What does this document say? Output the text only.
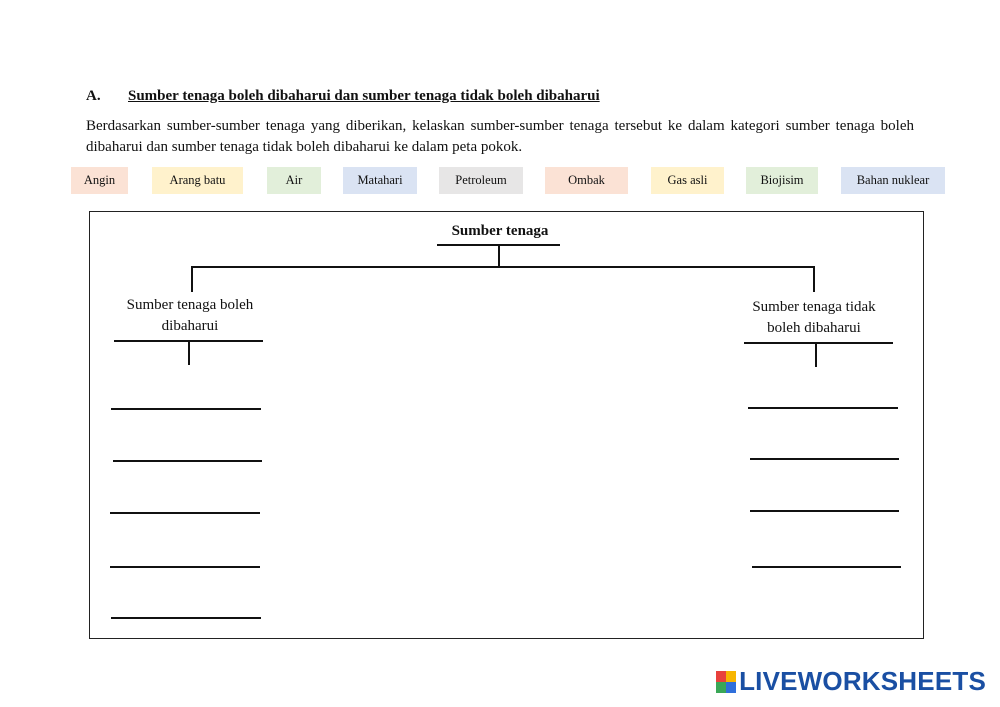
A. Sumber tenaga boleh dibaharui dan sumber tenaga tidak boleh dibaharui
Berdasarkan sumber-sumber tenaga yang diberikan, kelaskan sumber-sumber tenaga tersebut ke dalam kategori sumber tenaga boleh dibaharui dan sumber tenaga tidak boleh dibaharui ke dalam peta pokok.
Angin	Arang batu	Air	Matahari	Petroleum	Ombak	Gas asli	Biojisim	Bahan nuklear
Sumber tenaga
Sumber tenaga boleh dibaharui
Sumber tenaga tidak boleh dibaharui
LIVEWORKSHEETS
